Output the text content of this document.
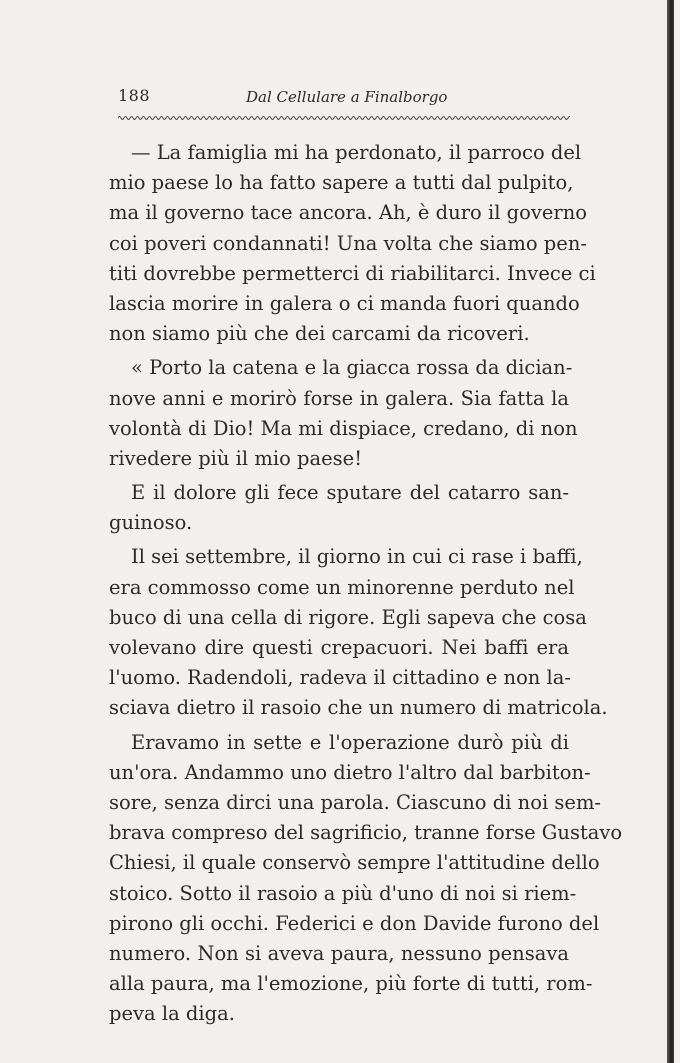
188	Dal Cellulare a Finalborgo
— La famiglia mi ha perdonato, il parroco del
mio paese lo ha fatto sapere a tutti dal pulpito,
ma il governo tace ancora. Ah, è duro il governo
coi poveri condannati! Una volta che siamo pen-
titi dovrebbe permetterci di riabilitarci. Invece ci
lascia morire in galera o ci manda fuori quando
non siamo più che dei carcami da ricoveri.
« Porto la catena e la giacca rossa da dician-
nove anni e morirò forse in galera. Sia fatta la
volontà di Dio! Ma mi dispiace, credano, di non
rivedere più il mio paese!
E il dolore gli fece sputare del catarro san-
guinoso.
Il sei settembre, il giorno in cui ci rase i baffi,
era commosso come un minorenne perduto nel
buco di una cella di rigore. Egli sapeva che cosa
volevano dire questi crepacuori. Nei baffi era
l'uomo. Radendoli, radeva il cittadino e non la-
sciava dietro il rasoio che un numero di matricola.
Eravamo in sette e l'operazione durò più di
un'ora. Andammo uno dietro l'altro dal barbiton-
sore, senza dirci una parola. Ciascuno di noi sem-
brava compreso del sagrificio, tranne forse Gustavo
Chiesi, il quale conservò sempre l'attitudine dello
stoico. Sotto il rasoio a più d'uno di noi si riem-
pirono gli occhi. Federici e don Davide furono del
numero. Non si aveva paura, nessuno pensava
alla paura, ma l'emozione, più forte di tutti, rom-
peva la diga.
